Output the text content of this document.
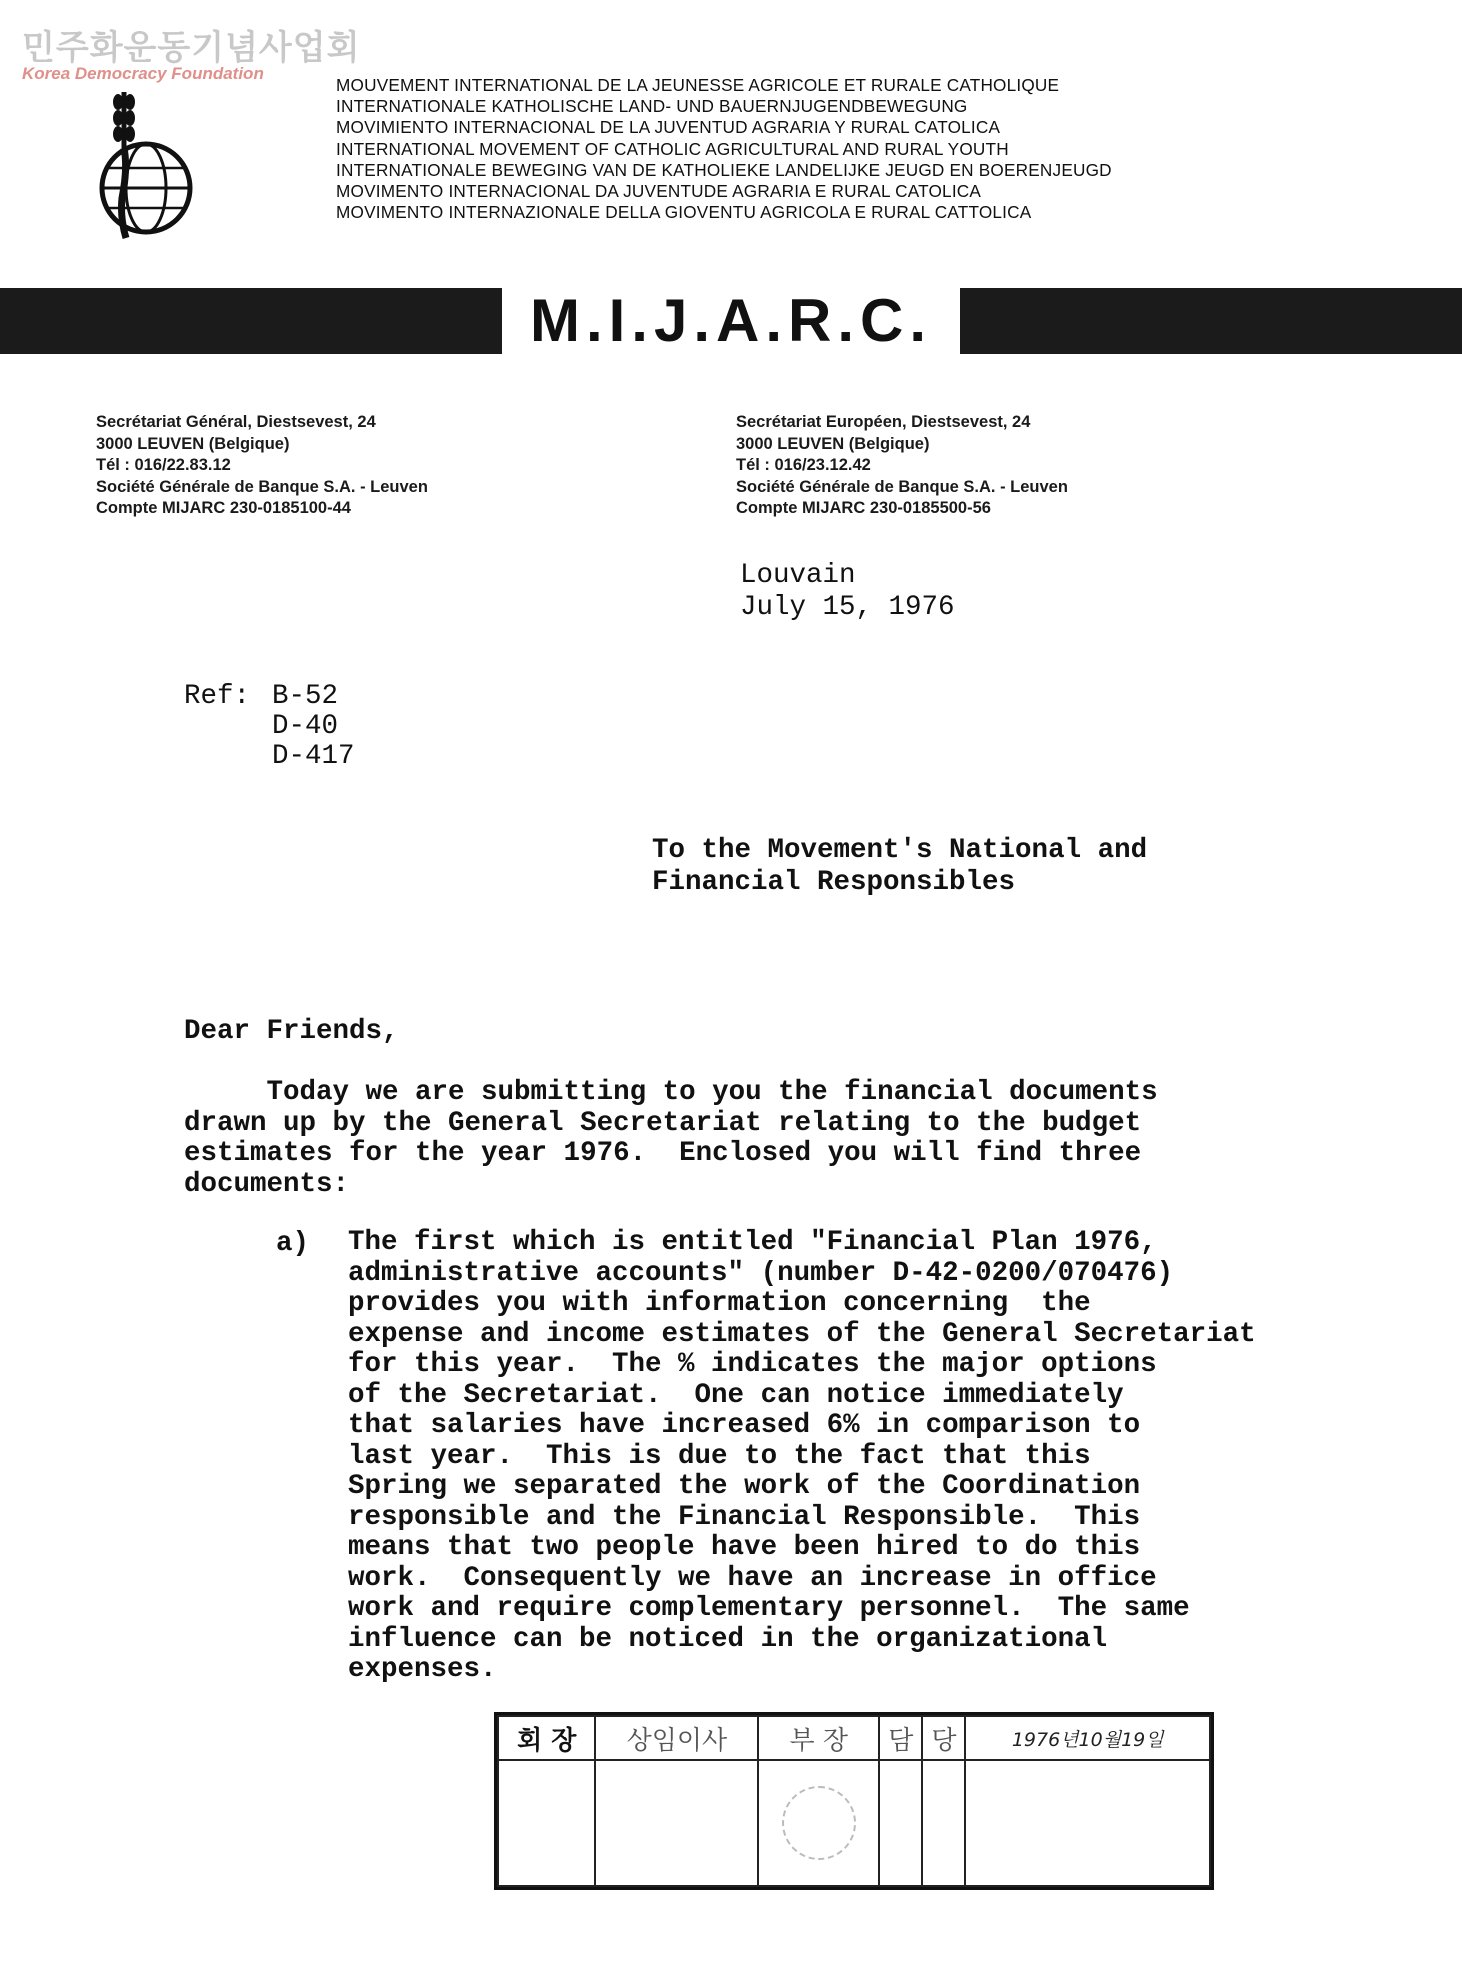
민주화운동기념사업회
Korea Democracy Foundation
MOUVEMENT INTERNATIONAL DE LA JEUNESSE AGRICOLE ET RURALE CATHOLIQUE
INTERNATIONALE KATHOLISCHE LAND- UND BAUERNJUGENDBEWEGUNG
MOVIMIENTO INTERNACIONAL DE LA JUVENTUD AGRARIA Y RURAL CATOLICA
INTERNATIONAL MOVEMENT OF CATHOLIC AGRICULTURAL AND RURAL YOUTH
INTERNATIONALE BEWEGING VAN DE KATHOLIEKE LANDELIJKE JEUGD EN BOERENJEUGD
MOVIMENTO INTERNACIONAL DA JUVENTUDE AGRARIA E RURAL CATOLICA
MOVIMENTO INTERNAZIONALE DELLA GIOVENTU AGRICOLA E RURAL CATTOLICA
M.I.J.A.R.C.
Secrétariat Général, Diestsevest, 24
3000 LEUVEN (Belgique)
Tél : 016/22.83.12
Société Générale de Banque S.A. - Leuven
Compte MIJARC 230-0185100-44
Secrétariat Européen, Diestsevest, 24
3000 LEUVEN (Belgique)
Tél : 016/23.12.42
Société Générale de Banque S.A. - Leuven
Compte MIJARC 230-0185500-56
Louvain
July 15, 1976
Ref: B-52
D-40
D-417
To the Movement's National and
Financial Responsibles
Dear Friends,
Today we are submitting to you the financial documents
drawn up by the General Secretariat relating to the budget
estimates for the year 1976.  Enclosed you will find three
documents:
a) The first which is entitled "Financial Plan 1976,
administrative accounts" (number D-42-0200/070476)
provides you with information concerning  the
expense and income estimates of the General Secretariat
for this year.  The % indicates the major options
of the Secretariat.  One can notice immediately
that salaries have increased 6% in comparison to
last year.  This is due to the fact that this
Spring we separated the work of the Coordination
responsible and the Financial Responsible.  This
means that two people have been hired to do this
work.  Consequently we have an increase in office
work and require complementary personnel.  The same
influence can be noticed in the organizational
expenses.
회 장	상임이사	부 장	담	당	1976년10월19일
